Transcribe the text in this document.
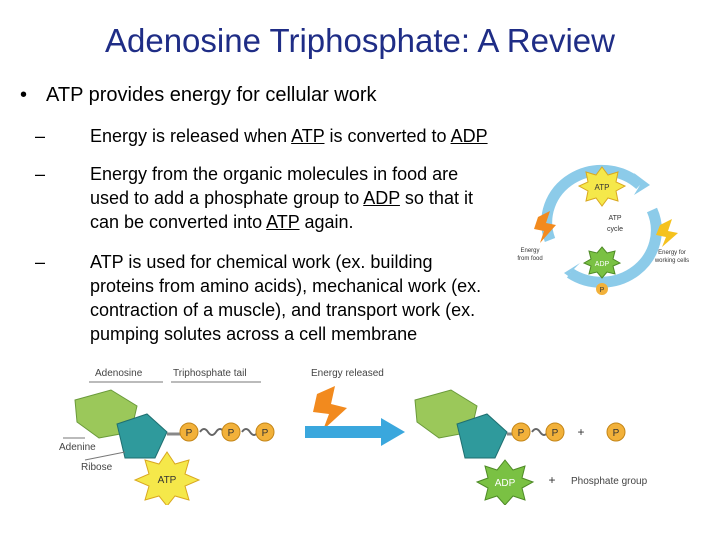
Adenosine Triphosphate: A Review
• ATP provides energy for cellular work
– Energy is released when ATP is converted to ADP
– Energy from the organic molecules in food are
used to add a phosphate group to ADP so that it
can be converted into ATP again.
– ATP is used for chemical work (ex. building
proteins from amino acids), mechanical work (ex.
contraction of a muscle), and transport work (ex.
pumping solutes across a cell membrane
ATP
ATP
cycle
ADP
P
Energy
from food
Energy for
working cells
Adenosine	Triphosphate tail	Energy released
P	P	P
Adenine
Ribose
ATP
P	P +	P
ADP	+ Phosphate group
